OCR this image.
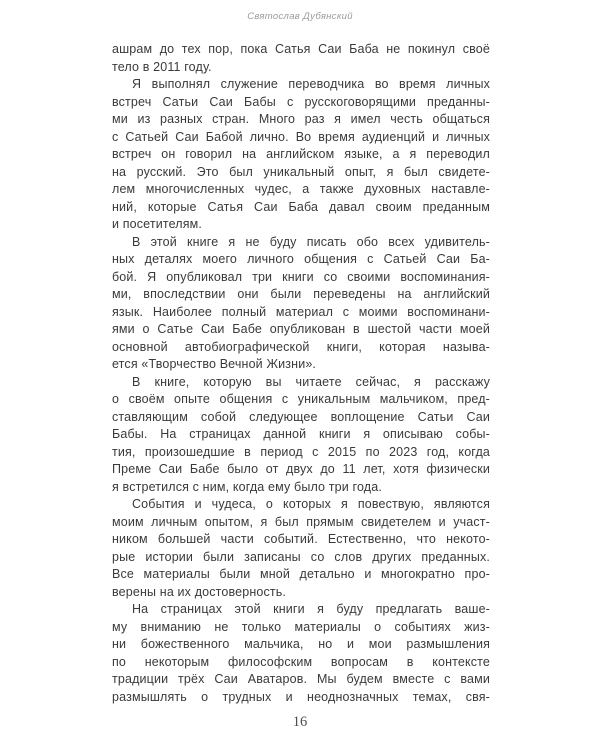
Святослав Дубянский
ашрам до тех пор, пока Сатья Саи Баба не покинул своё
тело в 2011 году.
Я выполнял служение переводчика во время личных
встреч Сатьи Саи Бабы с русскоговорящими преданны-
ми из разных стран. Много раз я имел честь общаться
с Сатьей Саи Бабой лично. Во время аудиенций и личных
встреч он говорил на английском языке, а я переводил
на русский. Это был уникальный опыт, я был свидете-
лем многочисленных чудес, а также духовных наставле-
ний, которые Сатья Саи Баба давал своим преданным
и посетителям.
В этой книге я не буду писать обо всех удивитель-
ных деталях моего личного общения с Сатьей Саи Ба-
бой. Я опубликовал три книги со своими воспоминания-
ми, впоследствии они были переведены на английский
язык. Наиболее полный материал с моими воспоминани-
ями о Сатье Саи Бабе опубликован в шестой части моей
основной автобиографической книги, которая называ-
ется «Творчество Вечной Жизни».
В книге, которую вы читаете сейчас, я расскажу
о своём опыте общения с уникальным мальчиком, пред-
ставляющим собой следующее воплощение Сатьи Саи
Бабы. На страницах данной книги я описываю собы-
тия, произошедшие в период с 2015 по 2023 год, когда
Преме Саи Бабе было от двух до 11 лет, хотя физически
я встретился с ним, когда ему было три года.
События и чудеса, о которых я повествую, являются
моим личным опытом, я был прямым свидетелем и участ-
ником большей части событий. Естественно, что некото-
рые истории были записаны со слов других преданных.
Все материалы были мной детально и многократно про-
верены на их достоверность.
На страницах этой книги я буду предлагать ваше-
му вниманию не только материалы о событиях жиз-
ни божественного мальчика, но и мои размышления
по некоторым философским вопросам в контексте
традиции трёх Саи Аватаров. Мы будем вместе с вами
размышлять о трудных и неоднозначных темах, свя-
16
